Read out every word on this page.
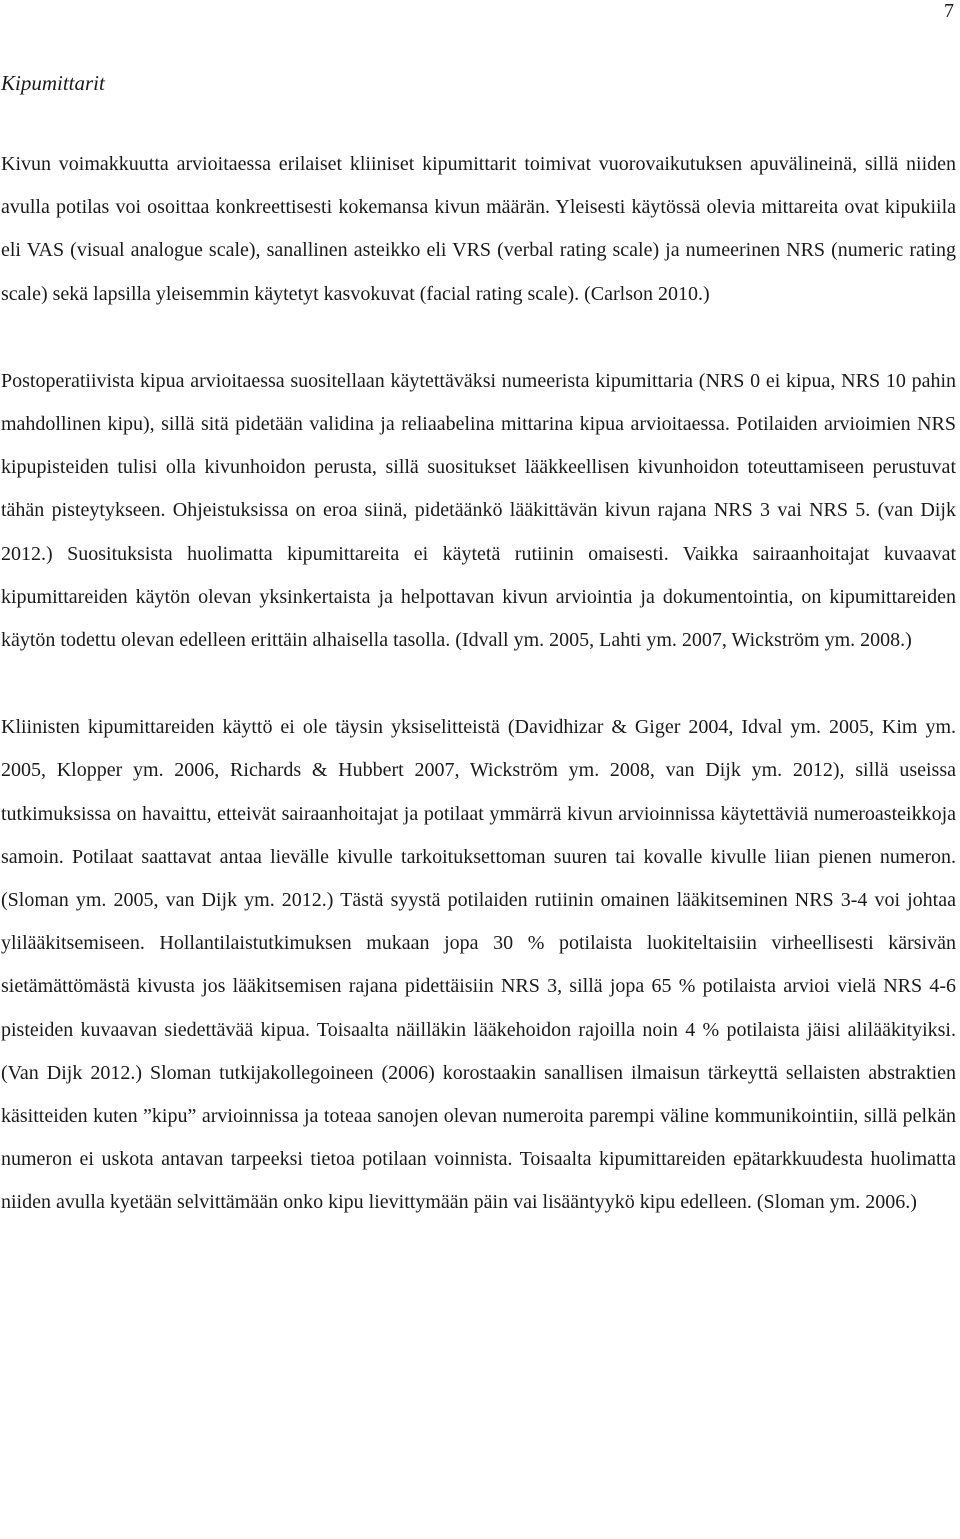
7
Kipumittarit

Kivun voimakkuutta arvioitaessa erilaiset kliiniset kipumittarit toimivat vuorovaikutuksen apuvälineinä, sillä niiden avulla potilas voi osoittaa konkreettisesti kokemansa kivun määrän. Yleisesti käytössä olevia mittareita ovat kipukiila eli VAS (visual analogue scale), sanallinen asteikko eli VRS (verbal rating scale) ja numeerinen NRS (numeric rating scale) sekä lapsilla yleisemmin käytetyt kasvokuvat (facial rating scale). (Carlson 2010.)

Postoperatiivista kipua arvioitaessa suositellaan käytettäväksi numeerista kipumittaria (NRS 0 ei kipua, NRS 10 pahin mahdollinen kipu), sillä sitä pidetään validina ja reliaabelina mittarina kipua arvioitaessa. Potilaiden arvioimien NRS kipupisteiden tulisi olla kivunhoidon perusta, sillä suositukset lääkkeellisen kivunhoidon toteuttamiseen perustuvat tähän pisteytykseen. Ohjeistuksissa on eroa siinä, pidetäänkö lääkittävän kivun rajana NRS 3 vai NRS 5. (van Dijk 2012.) Suosituksista huolimatta kipumittareita ei käytetä rutiinin omaisesti. Vaikka sairaanhoitajat kuvaavat kipumittareiden käytön olevan yksinkertaista ja helpottavan kivun arviointia ja dokumentointia, on kipumittareiden käytön todettu olevan edelleen erittäin alhaisella tasolla. (Idvall ym. 2005, Lahti ym. 2007, Wickström ym. 2008.)

Kliinisten kipumittareiden käyttö ei ole täysin yksiselitteistä (Davidhizar & Giger 2004, Idval ym. 2005, Kim ym. 2005, Klopper ym. 2006, Richards & Hubbert 2007, Wickström ym. 2008, van Dijk ym. 2012), sillä useissa tutkimuksissa on havaittu, etteivät sairaanhoitajat ja potilaat ymmärrä kivun arvioinnissa käytettäviä numeroasteikkoja samoin. Potilaat saattavat antaa lievälle kivulle tarkoituksettoman suuren tai kovalle kivulle liian pienen numeron. (Sloman ym. 2005, van Dijk ym. 2012.) Tästä syystä potilaiden rutiinin omainen lääkitseminen NRS 3-4 voi johtaa ylilääkitsemiseen. Hollantilaistutkimuksen mukaan jopa 30 % potilaista luokiteltaisiin virheellisesti kärsivän sietämättömästä kivusta jos lääkitsemisen rajana pidettäisiin NRS 3, sillä jopa 65 % potilaista arvioi vielä NRS 4-6 pisteiden kuvaavan siedettävää kipua. Toisaalta näilläkin lääkehoidon rajoilla noin 4 % potilaista jäisi alilääkityiksi. (Van Dijk 2012.) Sloman tutkijakollegoineen (2006) korostaakin sanallisen ilmaisun tärkeyttä sellaisten abstraktien käsitteiden kuten ”kipu” arvioinnissa ja toteaa sanojen olevan numeroita parempi väline kommunikointiin, sillä pelkän numeron ei uskota antavan tarpeeksi tietoa potilaan voinnista. Toisaalta kipumittareiden epätarkkuudesta huolimatta niiden avulla kyetään selvittämään onko kipu lievittymään päin vai lisääntyykö kipu edelleen. (Sloman ym. 2006.)
